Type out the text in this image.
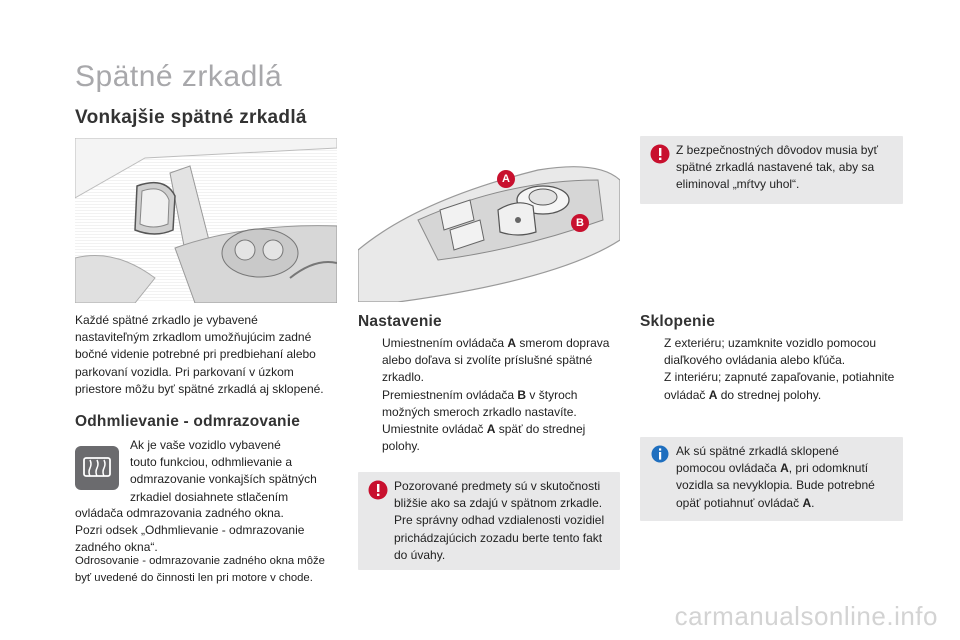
Spätné zrkadlá
Vonkajšie spätné zrkadlá
A
B
Z bezpečnostných dôvodov musia byť
spätné zrkadlá nastavené tak, aby sa
eliminoval „mŕtvy uhol“.
Každé spätné zrkadlo je vybavené
nastaviteľným zrkadlom umožňujúcim zadné
bočné videnie potrebné pri predbiehaní alebo
parkovaní vozidla. Pri parkovaní v úzkom
priestore môžu byť spätné zrkadlá aj sklopené.
Odhmlievanie - odmrazovanie
Ak je vaše vozidlo vybavené
touto funkciou, odhmlievanie a
odmrazovanie vonkajších spätných
zrkadiel dosiahnete stlačením
ovládača odmrazovania zadného okna.
Pozri odsek „Odhmlievanie - odmrazovanie
zadného okna“.
Odrosovanie - odmrazovanie zadného okna môže
byť uvedené do činnosti len pri motore v chode.
Nastavenie
Umiestnením ovládača A smerom doprava
alebo doľava si zvolíte príslušné spätné
zrkadlo.
Premiestnením ovládača B v štyroch
možných smeroch zrkadlo nastavíte.
Umiestnite ovládač A späť do strednej
polohy.
Pozorované predmety sú v skutočnosti
bližšie ako sa zdajú v spätnom zrkadle.
Pre správny odhad vzdialenosti vozidiel
prichádzajúcich zozadu berte tento fakt
do úvahy.
Sklopenie
Z exteriéru; uzamknite vozidlo pomocou
diaľkového ovládania alebo kľúča.
Z interiéru; zapnuté zapaľovanie, potiahnite
ovládač A do strednej polohy.
Ak sú spätné zrkadlá sklopené
pomocou ovládača A, pri odomknutí
vozidla sa nevyklopia. Bude potrebné
opäť potiahnuť ovládač A.
carmanualsonline.info
